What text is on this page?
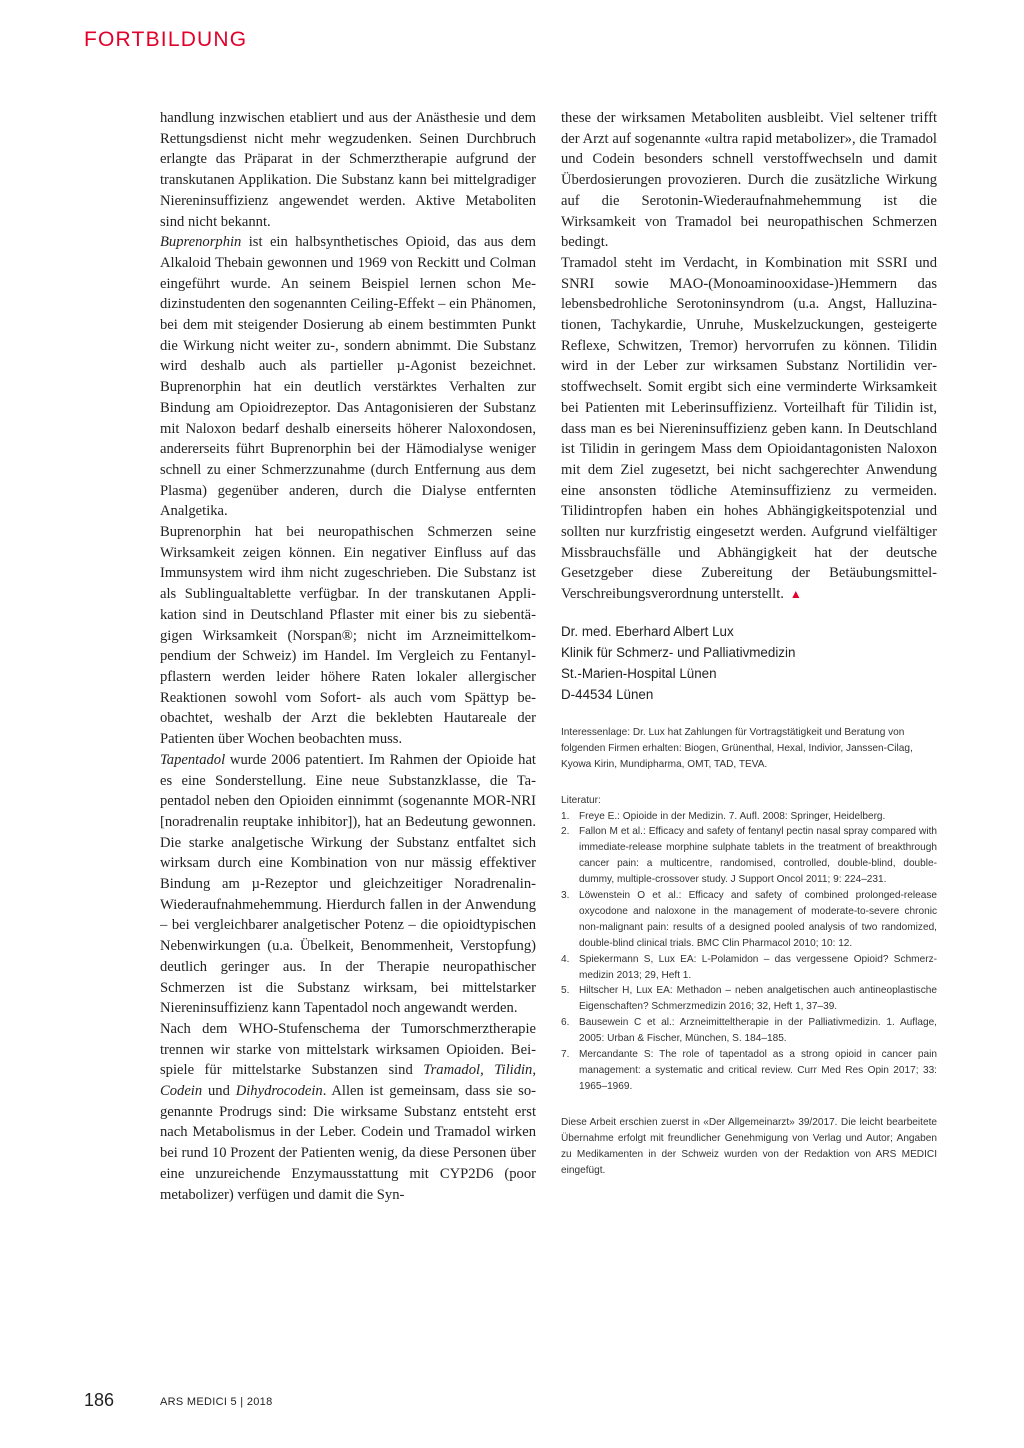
FORTBILDUNG

handlung inzwischen etabliert und aus der Anästhesie und dem Rettungsdienst nicht mehr wegzudenken. Seinen Durchbruch erlangte das Präparat in der Schmerztherapie aufgrund der transkutanen Applikation. Die Substanz kann bei mittelgradiger Niereninsuffizienz angewendet werden. Aktive Metaboliten sind nicht bekannt.

Buprenorphin ist ein halbsynthetisches Opioid, das aus dem Alkaloid Thebain gewonnen und 1969 von Reckitt und Colman eingeführt wurde. An seinem Beispiel lernen schon Medizinstudenten den sogenannten Ceiling-Effekt – ein Phänomen, bei dem mit steigender Dosierung ab einem bestimmten Punkt die Wirkung nicht weiter zu-, sondern abnimmt. Die Substanz wird deshalb auch als partieller µ-Agonist bezeichnet. Buprenorphin hat ein deutlich verstärktes Verhalten zur Bindung am Opioidrezeptor. Das Antagonisieren der Substanz mit Naloxon bedarf deshalb einerseits höherer Naloxondosen, andererseits führt Buprenorphin bei der Hämodialyse weniger schnell zu einer Schmerzzunahme (durch Entfernung aus dem Plasma) gegenüber anderen, durch die Dialyse entfernten Analgetika.

Buprenorphin hat bei neuropathischen Schmerzen seine Wirksamkeit zeigen können. Ein negativer Einfluss auf das Immunsystem wird ihm nicht zugeschrieben. Die Substanz ist als Sublingualtablette verfügbar. In der transkutanen Applikation sind in Deutschland Pflaster mit einer bis zu siebentägigen Wirksamkeit (Norspan®; nicht im Arzneimittelkompendium der Schweiz) im Handel. Im Vergleich zu Fentanylpflastern werden leider höhere Raten lokaler allergischer Reaktionen sowohl vom Sofort- als auch vom Spättyp beobachtet, weshalb der Arzt die beklebten Hautareale der Patienten über Wochen beobachten muss.

Tapentadol wurde 2006 patentiert. Im Rahmen der Opioide hat es eine Sonderstellung. Eine neue Substanzklasse, die Tapentadol neben den Opioiden einnimmt (sogenannte MOR-NRI [noradrenalin reuptake inhibitor]), hat an Bedeutung gewonnen. Die starke analgetische Wirkung der Substanz entfaltet sich wirksam durch eine Kombination von nur mässig effektiver Bindung am µ-Rezeptor und gleichzeitiger Noradrenalin-Wiederaufnahmehemmung. Hierdurch fallen in der Anwendung – bei vergleichbarer analgetischer Potenz – die opioidtypischen Nebenwirkungen (u.a. Übelkeit, Benommenheit, Verstopfung) deutlich geringer aus. In der Therapie neuropathischer Schmerzen ist die Substanz wirksam, bei mittelstarker Niereninsuffizienz kann Tapentadol noch angewandt werden.

Nach dem WHO-Stufenschema der Tumorschmerztherapie trennen wir starke von mittelstark wirksamen Opioiden. Beispiele für mittelstarke Substanzen sind Tramadol, Tilidin, Codein und Dihydrocodein. Allen ist gemeinsam, dass sie sogenannte Prodrugs sind: Die wirksame Substanz entsteht erst nach Metabolismus in der Leber. Codein und Tramadol wirken bei rund 10 Prozent der Patienten wenig, da diese Personen über eine unzureichende Enzymausstattung mit CYP2D6 (poor metabolizer) verfügen und damit die Syn-

these der wirksamen Metaboliten ausbleibt. Viel seltener trifft der Arzt auf sogenannte «ultra rapid metabolizer», die Tramadol und Codein besonders schnell verstoffwechseln und damit Überdosierungen provozieren. Durch die zusätzliche Wirkung auf die Serotonin-Wiederaufnahmehemmung ist die Wirksamkeit von Tramadol bei neuropathischen Schmerzen bedingt.

Tramadol steht im Verdacht, in Kombination mit SSRI und SNRI sowie MAO-(Monoaminooxidase-)Hemmern das lebensbedrohliche Serotoninsyndrom (u.a. Angst, Halluzinationen, Tachykardie, Unruhe, Muskelzuckungen, gesteigerte Reflexe, Schwitzen, Tremor) hervorrufen zu können. Tilidin wird in der Leber zur wirksamen Substanz Nortilidin verstoffwechselt. Somit ergibt sich eine verminderte Wirksamkeit bei Patienten mit Leberinsuffizienz. Vorteilhaft für Tilidin ist, dass man es bei Niereninsuffizienz geben kann. In Deutschland ist Tilidin in geringem Mass dem Opioidantagonisten Naloxon mit dem Ziel zugesetzt, bei nicht sachgerechter Anwendung eine ansonsten tödliche Ateminsuffizienz zu vermeiden. Tilidintropfen haben ein hohes Abhängigkeitspotenzial und sollten nur kurzfristig eingesetzt werden. Aufgrund vielfältiger Missbrauchsfälle und Abhängigkeit hat der deutsche Gesetzgeber diese Zubereitung der Betäubungsmittel-Verschreibungsverordnung unterstellt. ▲

Dr. med. Eberhard Albert Lux
Klinik für Schmerz- und Palliativmedizin
St.-Marien-Hospital Lünen
D-44534 Lünen
Interessenlage: Dr. Lux hat Zahlungen für Vortragstätigkeit und Beratung von folgenden Firmen erhalten: Biogen, Grünenthal, Hexal, Indivior, Janssen-Cilag, Kyowa Kirin, Mundipharma, OMT, TAD, TEVA.
Literatur:
1. Freye E.: Opioide in der Medizin. 7. Aufl. 2008: Springer, Heidelberg.
2. Fallon M et al.: Efficacy and safety of fentanyl pectin nasal spray compared with immediate-release morphine sulphate tablets in the treatment of breakthrough cancer pain: a multicentre, randomised, controlled, double-blind, double-dummy, multiple-crossover study. J Support Oncol 2011; 9: 224–231.
3. Löwenstein O et al.: Efficacy and safety of combined prolonged-release oxycodone and naloxone in the management of moderate-to-severe chronic non-malignant pain: results of a designed pooled analysis of two randomized, double-blind clinical trials. BMC Clin Pharmacol 2010; 10: 12.
4. Spiekermann S, Lux EA: L-Polamidon – das vergessene Opioid? Schmerzmedizin 2013; 29, Heft 1.
5. Hiltscher H, Lux EA: Methadon – neben analgetischen auch antineoplastische Eigenschaften? Schmerzmedizin 2016; 32, Heft 1, 37–39.
6. Bausewein C et al.: Arzneimitteltherapie in der Palliativmedizin. 1. Auflage, 2005: Urban & Fischer, München, S. 184–185.
7. Mercandante S: The role of tapentadol as a strong opioid in cancer pain management: a systematic and critical review. Curr Med Res Opin 2017; 33: 1965–1969.
Diese Arbeit erschien zuerst in «Der Allgemeinarzt» 39/2017. Die leicht bearbeitete Übernahme erfolgt mit freundlicher Genehmigung von Verlag und Autor; Angaben zu Medikamenten in der Schweiz wurden von der Redaktion von ARS MEDICI eingefügt.
186	ARS MEDICI 5 | 2018
